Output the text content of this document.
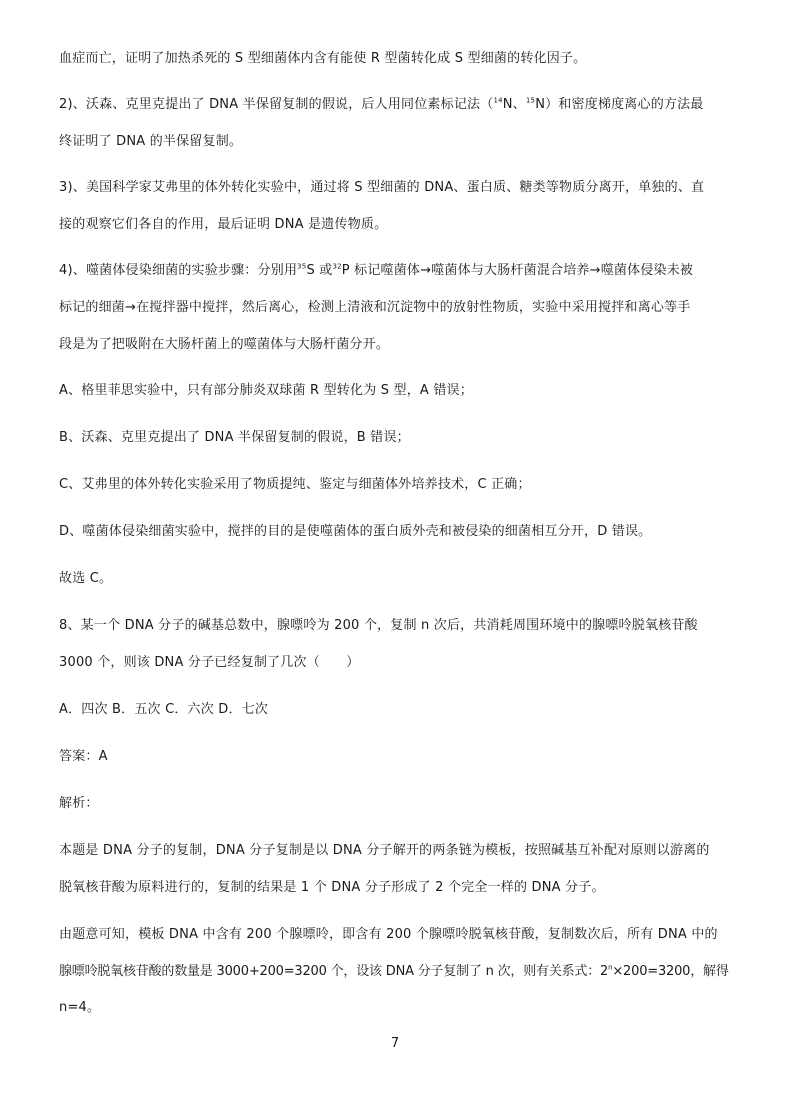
血症而亡，证明了加热杀死的 S 型细菌体内含有能使 R 型菌转化成 S 型细菌的转化因子。
2)、沃森、克里克提出了 DNA 半保留复制的假说，后人用同位素标记法（$^{14}$N、$^{15}$N）和密度梯度离心的方法最
终证明了 DNA 的半保留复制。
3)、美国科学家艾弗里的体外转化实验中，通过将 S 型细菌的 DNA、蛋白质、糖类等物质分离开，单独的、直
接的观察它们各自的作用，最后证明 DNA 是遗传物质。
4)、噬菌体侵染细菌的实验步骤：分别用$^{35}$S 或$^{32}$P 标记噬菌体→噬菌体与大肠杆菌混合培养→噬菌体侵染未被
标记的细菌→在搅拌器中搅拌，然后离心，检测上清液和沉淀物中的放射性物质，实验中采用搅拌和离心等手
段是为了把吸附在大肠杆菌上的噬菌体与大肠杆菌分开。
A、格里菲思实验中，只有部分肺炎双球菌 R 型转化为 S 型，A 错误；
B、沃森、克里克提出了 DNA 半保留复制的假说，B 错误；
C、艾弗里的体外转化实验采用了物质提纯、鉴定与细菌体外培养技术，C 正确；
D、噬菌体侵染细菌实验中，搅拌的目的是使噬菌体的蛋白质外壳和被侵染的细菌相互分开，D 错误。
故选 C。
8、某一个 DNA 分子的碱基总数中，腺嘌呤为 200 个，复制 n 次后，共消耗周围环境中的腺嘌呤脱氧核苷酸
3000 个，则该 DNA 分子已经复制了几次（　　）
A．四次 B．五次 C．六次 D．七次
答案：A
解析：
本题是 DNA 分子的复制，DNA 分子复制是以 DNA 分子解开的两条链为模板，按照碱基互补配对原则以游离的
脱氧核苷酸为原料进行的，复制的结果是 1 个 DNA 分子形成了 2 个完全一样的 DNA 分子。
由题意可知，模板 DNA 中含有 200 个腺嘌呤，即含有 200 个腺嘌呤脱氧核苷酸，复制数次后，所有 DNA 中的
腺嘌呤脱氧核苷酸的数量是 3000+200=3200 个，设该 DNA 分子复制了 n 次，则有关系式：$2^n\times 200=3200$，解得
n=4。
7
